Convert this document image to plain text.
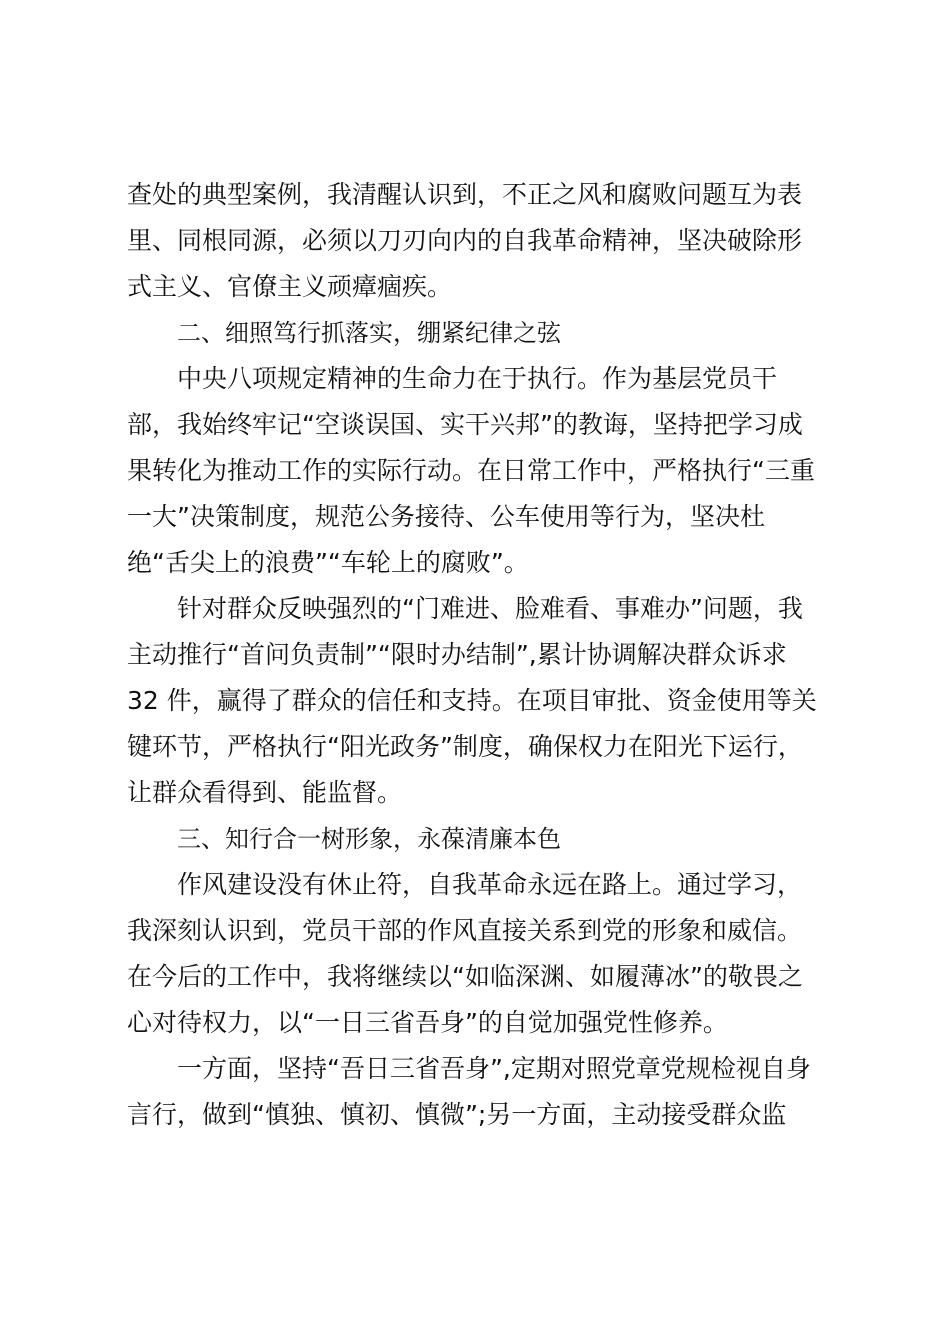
查处的典型案例，我清醒认识到，不正之风和腐败问题互为表
里、同根同源，必须以刀刃向内的自我革命精神，坚决破除形
式主义、官僚主义顽瘴痼疾。

二、细照笃行抓落实，绷紧纪律之弦

中央八项规定精神的生命力在于执行。作为基层党员干
部，我始终牢记“空谈误国、实干兴邦”的教诲，坚持把学习成
果转化为推动工作的实际行动。在日常工作中，严格执行“三重
一大”决策制度，规范公务接待、公车使用等行为，坚决杜
绝“舌尖上的浪费”“车轮上的腐败”。

针对群众反映强烈的“门难进、脸难看、事难办”问题，我
主动推行“首问负责制”“限时办结制”,累计协调解决群众诉求
32 件，赢得了群众的信任和支持。在项目审批、资金使用等关
键环节，严格执行“阳光政务”制度，确保权力在阳光下运行，
让群众看得到、能监督。

三、知行合一树形象，永葆清廉本色

作风建设没有休止符，自我革命永远在路上。通过学习，
我深刻认识到，党员干部的作风直接关系到党的形象和威信。
在今后的工作中，我将继续以“如临深渊、如履薄冰”的敬畏之
心对待权力，以“一日三省吾身”的自觉加强党性修养。

一方面，坚持“吾日三省吾身”,定期对照党章党规检视自身
言行，做到“慎独、慎初、慎微”;另一方面，主动接受群众监
